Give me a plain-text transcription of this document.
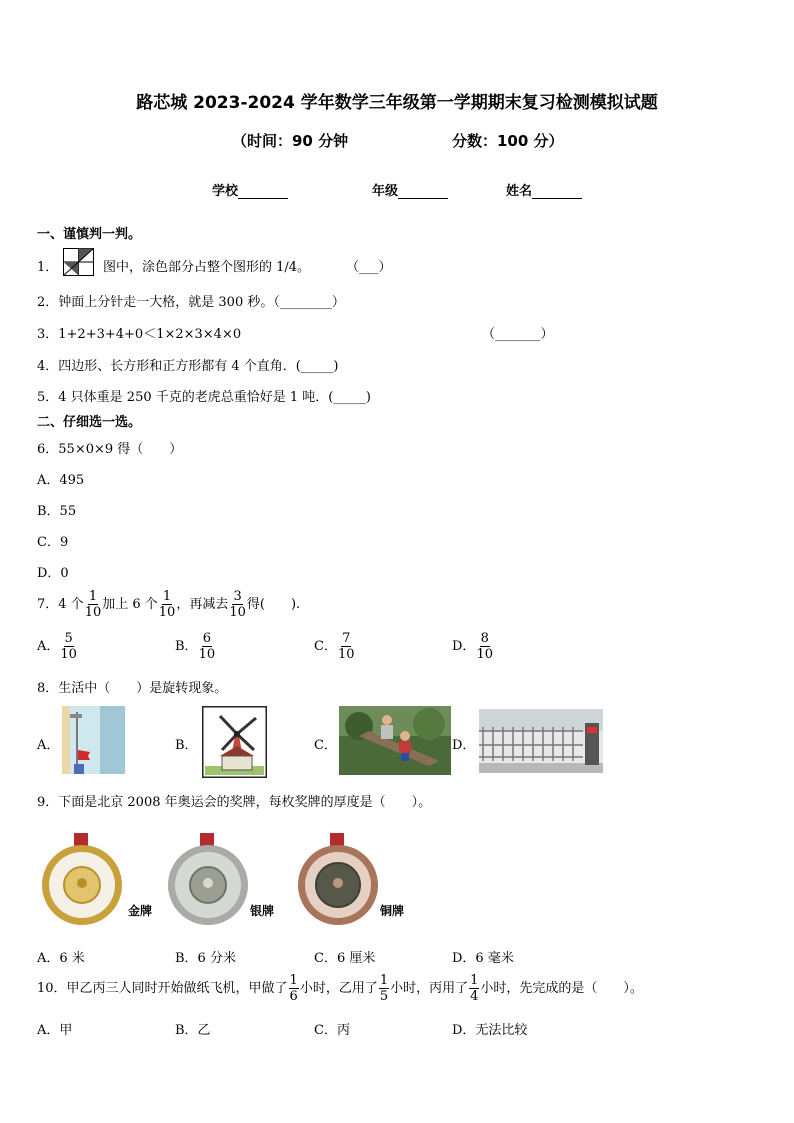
路芯城 2023-2024 学年数学三年级第一学期期末复习检测模拟试题
（时间：90 分钟	分数：100 分）
学校	年级	姓名
一、谨慎判一判。
1．	图中，涂色部分占整个图形的 1/4。	（___）
2．钟面上分针走一大格，就是 300 秒。（________）
3．1+2+3+4+0＜1×2×3×4×0	（_______）
4．四边形、长方形和正方形都有 4 个直角．(_____)
5．4 只体重是 250 千克的老虎总重恰好是 1 吨．(_____)
二、仔细选一选。
6．55×0×9 得（　　）
A．495
B．55
C．9
D．0
7．4 个 $\frac{1}{10}$ 加上 6 个 $\frac{1}{10}$ ，再减去 $\frac{3}{10}$ 得(　　).
A． $\frac{5}{10}$	B． $\frac{6}{10}$	C． $\frac{7}{10}$	D． $\frac{8}{10}$
8．生活中（　　）是旋转现象。
A．	B．	C．	D．
9．下面是北京 2008 年奥运会的奖牌，每枚奖牌的厚度是（　　）。
金牌	银牌	铜牌
A．6 米	B．6 分米	C．6 厘米	D．6 毫米
10．甲乙丙三人同时开始做纸飞机，甲做了 $\frac{1}{6}$ 小时，乙用了 $\frac{1}{5}$ 小时，丙用了 $\frac{1}{4}$ 小时，先完成的是（　　）。
A．甲	B．乙	C．丙	D．无法比较
